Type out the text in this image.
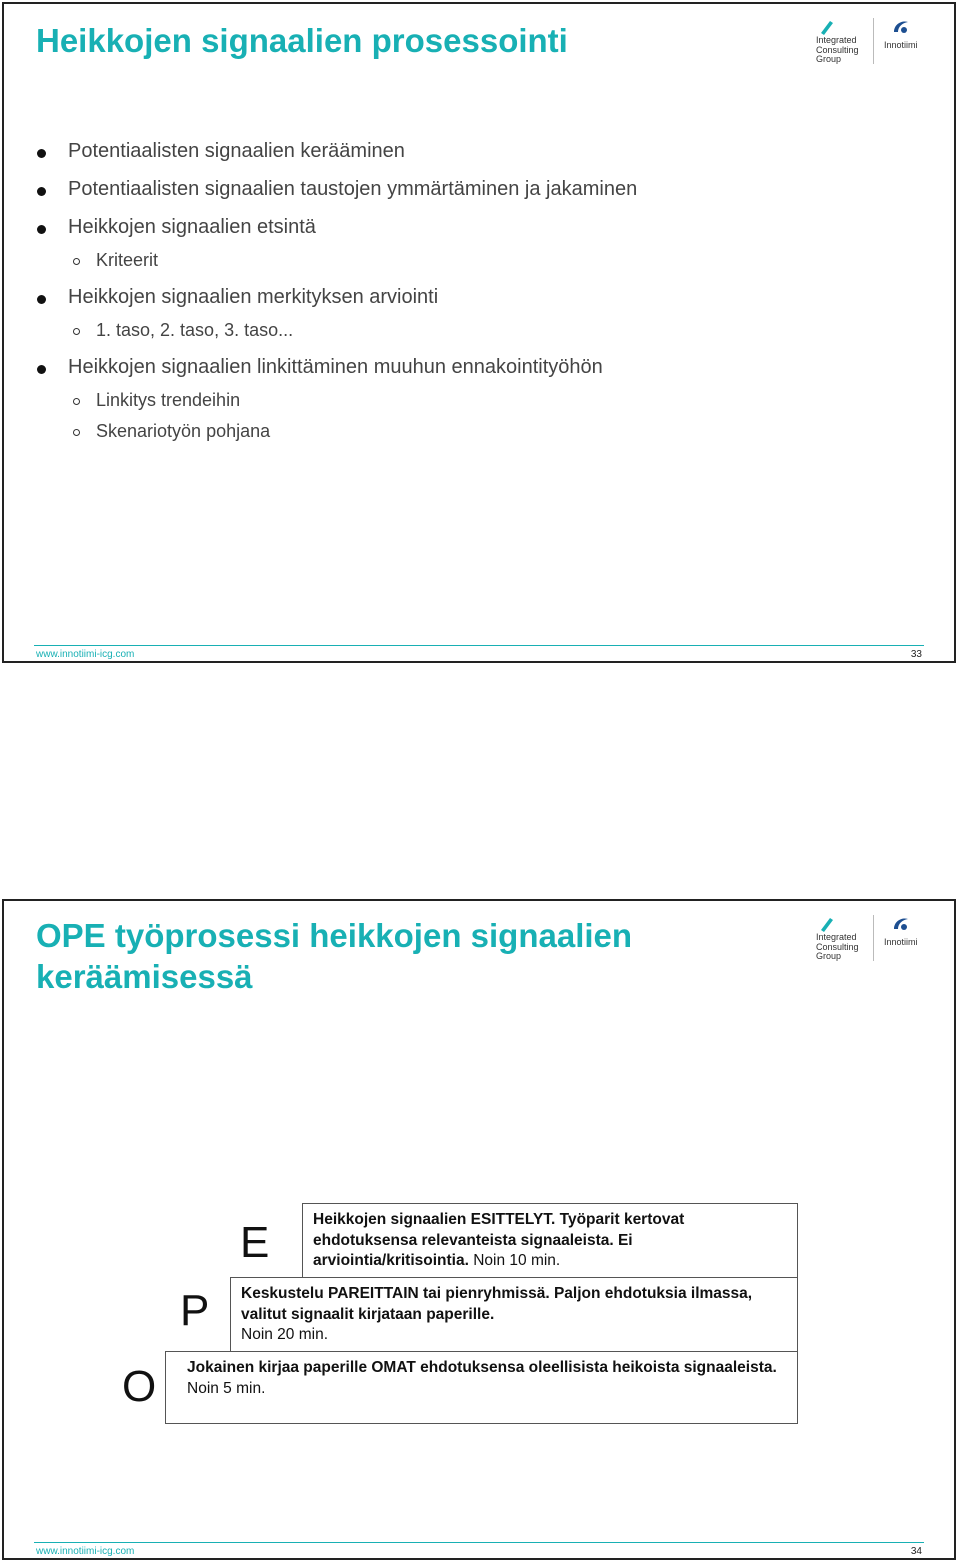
Heikkojen signaalien prosessointi	Integrated
Consulting
Group
Innotiimi
Potentiaalisten signaalien kerääminen
Potentiaalisten signaalien taustojen ymmärtäminen ja jakaminen
Heikkojen signaalien etsintä
Kriteerit
Heikkojen signaalien merkityksen arviointi
1. taso, 2. taso, 3. taso...
Heikkojen signaalien linkittäminen muuhun ennakointityöhön
Linkitys trendeihin
Skenariotyön pohjana
www.innotiimi-icg.com	33
OPE työprosessi heikkojen signaalien
keräämisessä
Integrated
Consulting
Group
Innotiimi
E	Heikkojen signaalien ESITTELYT. Työparit kertovat ehdotuksensa relevanteista signaaleista. Ei arviointia/kritisointia. Noin 10 min.
P	Keskustelu PAREITTAIN tai pienryhmissä. Paljon ehdotuksia ilmassa, valitut signaalit kirjataan paperille.
Noin 20 min.
O	Jokainen kirjaa paperille OMAT ehdotuksensa oleellisista heikoista signaaleista.
Noin 5 min.
www.innotiimi-icg.com	34
